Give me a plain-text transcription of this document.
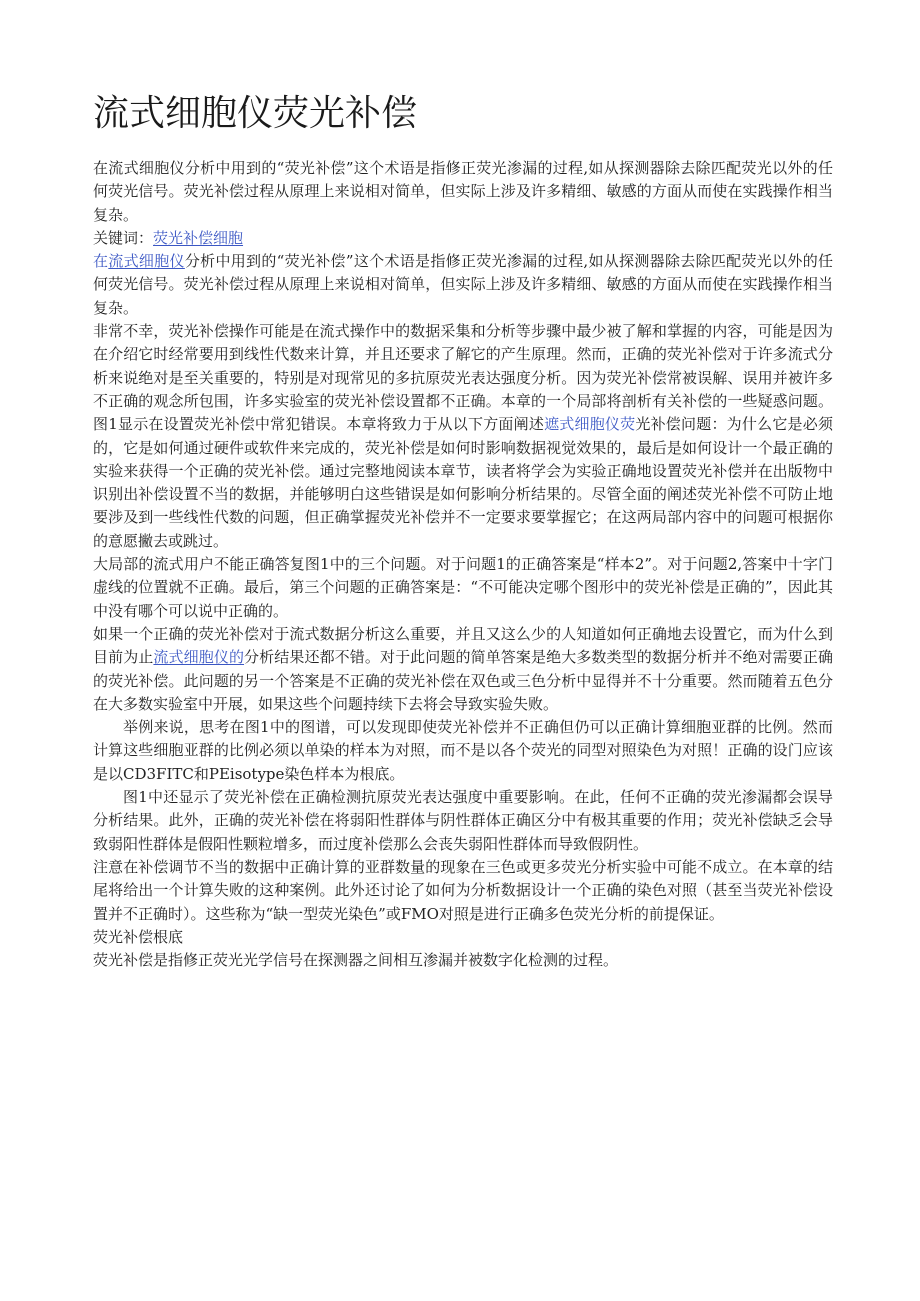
流式细胞仪荧光补偿

在流式细胞仪分析中用到的“荧光补偿”这个术语是指修正荧光渗漏的过程,如从探测器除去除匹配荧光以外的任何荧光信号。荧光补偿过程从原理上来说相对简单，但实际上涉及许多精细、敏感的方面从而使在实践操作相当复杂。

关键词：荧光补偿细胞

在流式细胞仪分析中用到的“荧光补偿”这个术语是指修正荧光渗漏的过程,如从探测器除去除匹配荧光以外的任何荧光信号。荧光补偿过程从原理上来说相对简单，但实际上涉及许多精细、敏感的方面从而使在实践操作相当复杂。

非常不幸，荧光补偿操作可能是在流式操作中的数据采集和分析等步骤中最少被了解和掌握的内容，可能是因为在介绍它时经常要用到线性代数来计算，并且还要求了解它的产生原理。然而，正确的荧光补偿对于许多流式分析来说绝对是至关重要的，特别是对现常见的多抗原荧光表达强度分析。因为荧光补偿常被误解、误用并被许多不正确的观念所包围，许多实验室的荧光补偿设置都不正确。本章的一个局部将剖析有关补偿的一些疑惑问题。图1显示在设置荧光补偿中常犯错误。本章将致力于从以下方面阐述遮式细胞仪荧光补偿问题：为什么它是必须的，它是如何通过硬件或软件来完成的，荧光补偿是如何时影响数据视觉效果的，最后是如何设计一个最正确的实验来获得一个正确的荧光补偿。通过完整地阅读本章节，读者将学会为实验正确地设置荧光补偿并在出版物中识别出补偿设置不当的数据，并能够明白这些错误是如何影响分析结果的。尽管全面的阐述荧光补偿不可防止地要涉及到一些线性代数的问题，但正确掌握荧光补偿并不一定要求要掌握它；在这两局部内容中的问题可根据你的意愿撇去或跳过。

大局部的流式用户不能正确答复图1中的三个问题。对于问题1的正确答案是“样本2”。对于问题2,答案中十字门虚线的位置就不正确。最后，第三个问题的正确答案是：“不可能决定哪个图形中的荧光补偿是正确的”，因此其中没有哪个可以说中正确的。

如果一个正确的荧光补偿对于流式数据分析这么重要，并且又这么少的人知道如何正确地去设置它，而为什么到目前为止流式细胞仪的分析结果还都不错。对于此问题的简单答案是绝大多数类型的数据分析并不绝对需要正确的荧光补偿。此问题的另一个答案是不正确的荧光补偿在双色或三色分析中显得并不十分重要。然而随着五色分在大多数实验室中开展，如果这些个问题持续下去将会导致实验失败。

举例来说，思考在图1中的图谱，可以发现即使荧光补偿并不正确但仍可以正确计算细胞亚群的比例。然而计算这些细胞亚群的比例必须以单染的样本为对照，而不是以各个荧光的同型对照染色为对照！正确的设门应该是以CD3FITC和PEisotype染色样本为根底。

图1中还显示了荧光补偿在正确检测抗原荧光表达强度中重要影响。在此，任何不正确的荧光渗漏都会误导分析结果。此外，正确的荧光补偿在将弱阳性群体与阴性群体正确区分中有极其重要的作用；荧光补偿缺乏会导致弱阳性群体是假阳性颗粒增多，而过度补偿那么会丧失弱阳性群体而导致假阴性。

注意在补偿调节不当的数据中正确计算的亚群数量的现象在三色或更多荧光分析实验中可能不成立。在本章的结尾将给出一个计算失败的这种案例。此外还讨论了如何为分析数据设计一个正确的染色对照（甚至当荧光补偿设置并不正确时）。这些称为“缺一型荧光染色”或FMO对照是进行正确多色荧光分析的前提保证。

荧光补偿根底

荧光补偿是指修正荧光光学信号在探测器之间相互渗漏并被数字化检测的过程。
